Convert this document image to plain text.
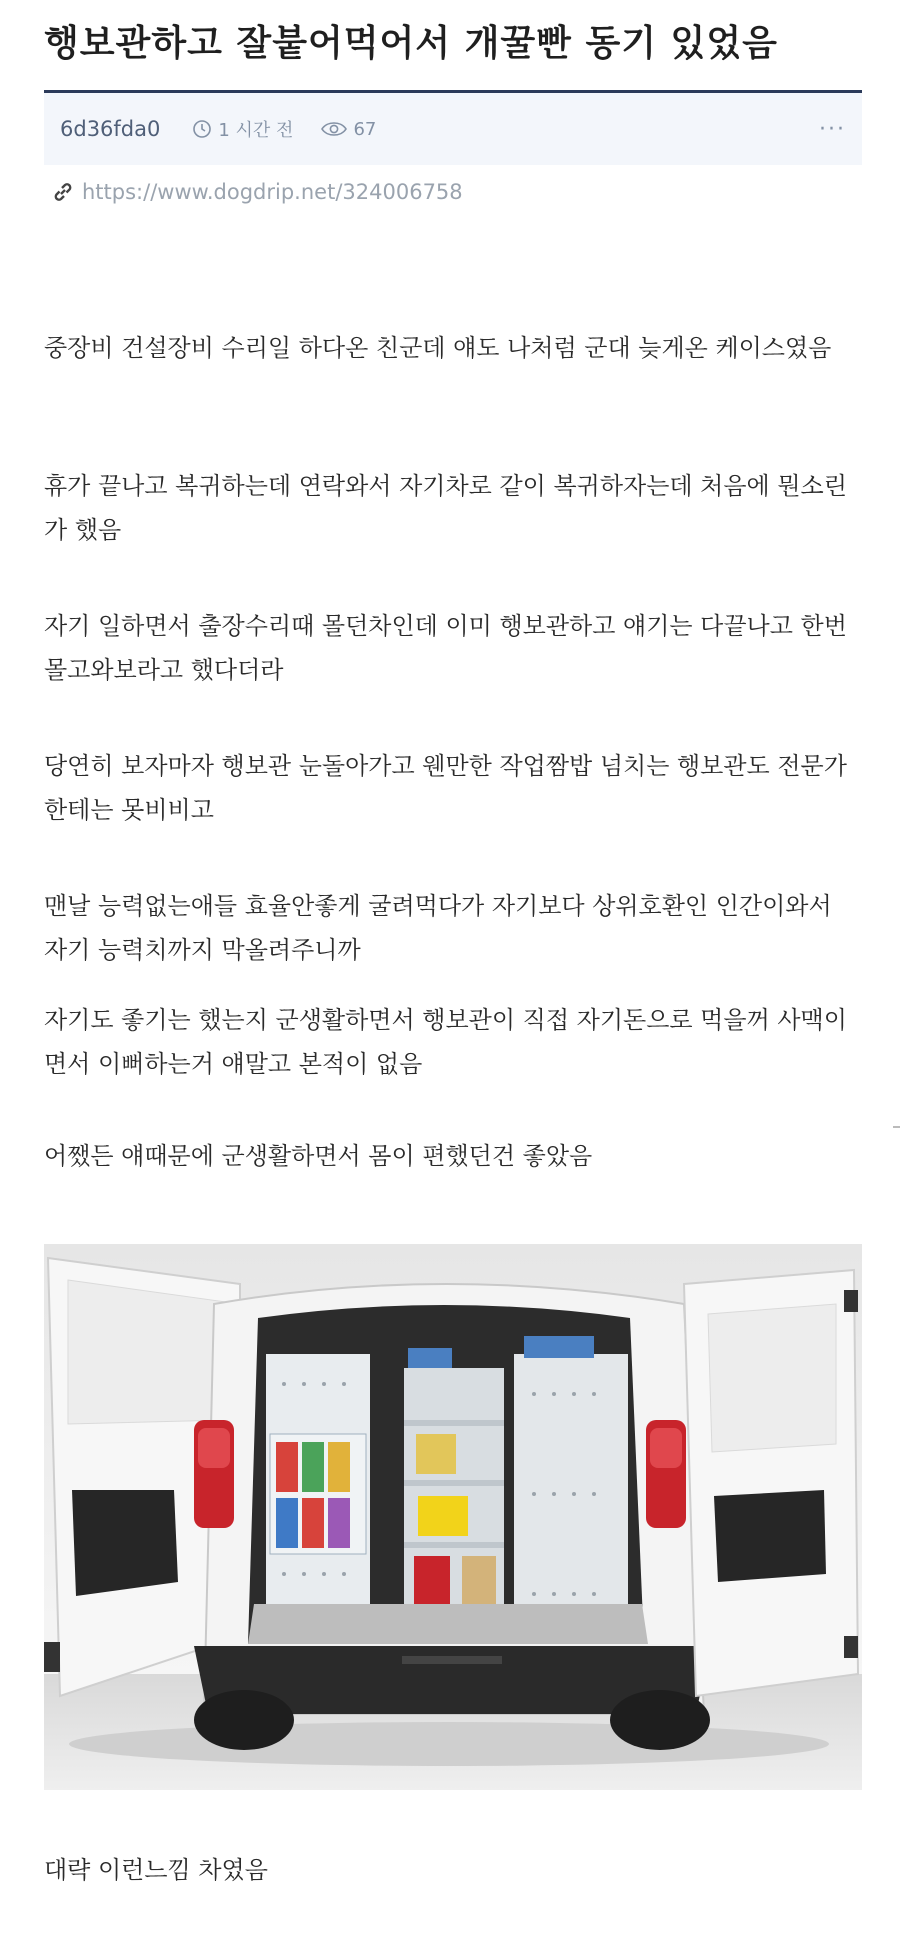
행보관하고 잘붙어먹어서 개꿀빤 동기 있었음
6d36fda0	1 시간 전	67	···
https://www.dogdrip.net/324006758

중장비 건설장비 수리일 하다온 친군데 얘도 나처럼 군대 늦게온 케이스였음

휴가 끝나고 복귀하는데 연락와서 자기차로 같이 복귀하자는데 처음에 뭔소린가 했음

자기 일하면서 출장수리때 몰던차인데 이미 행보관하고 얘기는 다끝나고 한번 몰고와보라고 했다더라

당연히 보자마자 행보관 눈돌아가고 웬만한 작업짬밥 넘치는 행보관도 전문가한테는 못비비고

맨날 능력없는애들 효율안좋게 굴려먹다가 자기보다 상위호환인 인간이와서 자기 능력치까지 막올려주니까

자기도 좋기는 했는지 군생활하면서 행보관이 직접 자기돈으로 먹을꺼 사맥이면서 이뻐하는거 얘말고 본적이 없음

어쨌든 얘때문에 군생활하면서 몸이 편했던건 좋았음

대략 이런느낌 차였음
